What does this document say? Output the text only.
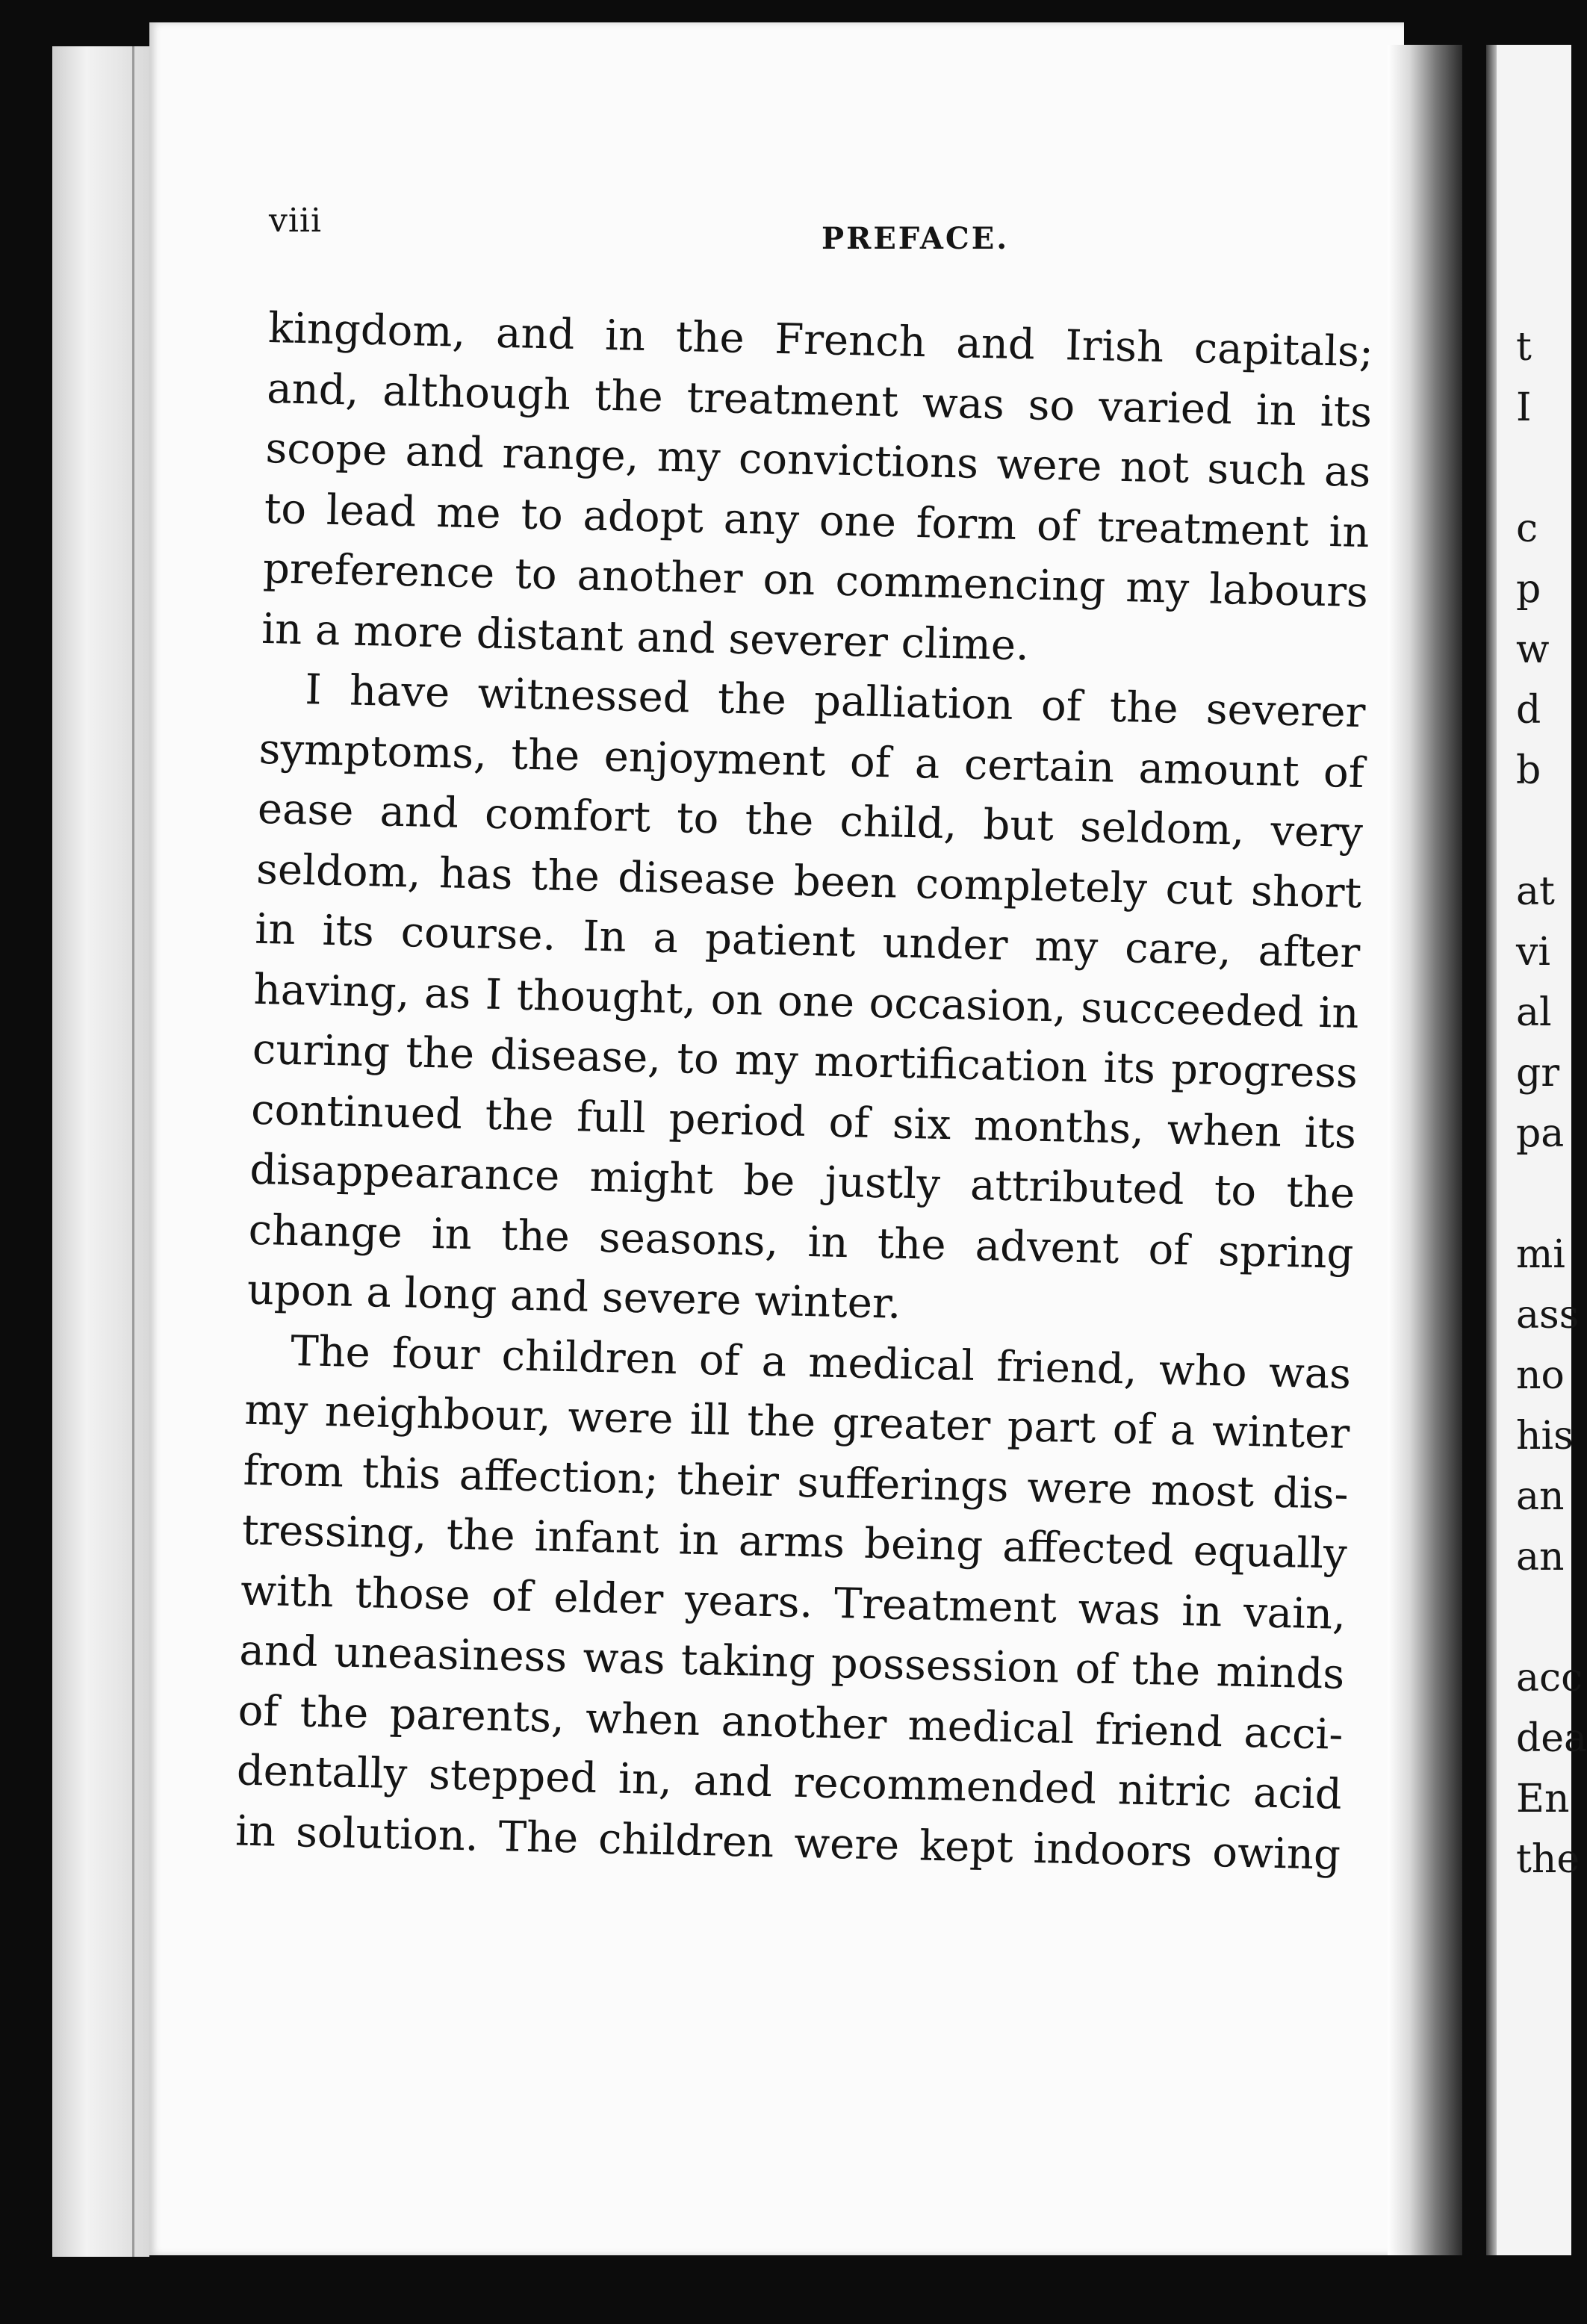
viii	PREFACE.
kingdom, and in the French and Irish capitals;
and, although the treatment was so varied in its
scope and range, my convictions were not such as
to lead me to adopt any one form of treatment in
preference to another on commencing my labours
in a more distant and severer clime.
I have witnessed the palliation of the severer
symptoms, the enjoyment of a certain amount of
ease and comfort to the child, but seldom, very
seldom, has the disease been completely cut short
in its course. In a patient under my care, after
having, as I thought, on one occasion, succeeded in
curing the disease, to my mortification its progress
continued the full period of six months, when its
disappearance might be justly attributed to the
change in the seasons, in the advent of spring
upon a long and severe winter.
The four children of a medical friend, who was
my neighbour, were ill the greater part of a winter
from this affection; their sufferings were most dis-
tressing, the infant in arms being affected equally
with those of elder years. Treatment was in vain,
and uneasiness was taking possession of the minds
of the parents, when another medical friend acci-
dentally stepped in, and recommended nitric acid
in solution. The children were kept indoors owing
t
I
c
p
w
d
b
at
vi
al
gr
pa
mi
ass
no
his
an
an
acc
dea
En
the
